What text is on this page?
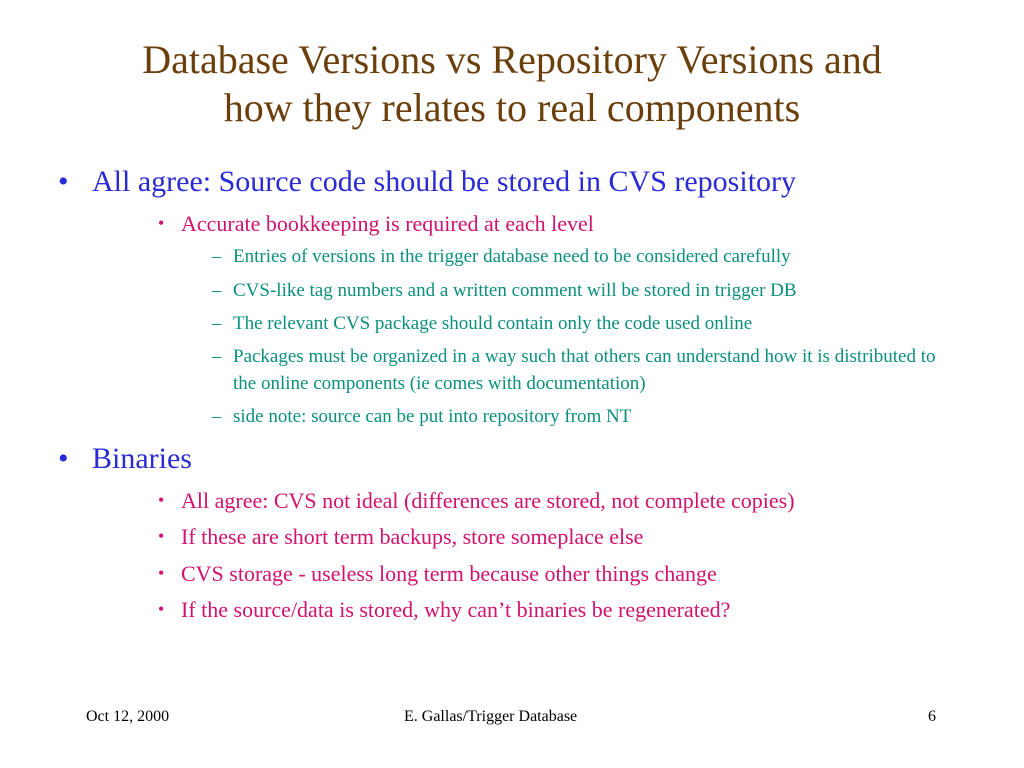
Database Versions vs Repository Versions and
how they relates to real components
• All agree: Source code should be stored in CVS repository
• Accurate bookkeeping is required at each level
– Entries of versions in the trigger database need to be considered carefully
– CVS-like tag numbers and a written comment will be stored in trigger DB
– The relevant CVS package should contain only the code used online
– Packages must be organized in a way such that others can understand how it is distributed to the online components (ie comes with documentation)
– side note: source can be put into repository from NT
• Binaries
• All agree: CVS not ideal (differences are stored, not complete copies)
• If these are short term backups, store someplace else
• CVS storage - useless long term because other things change
• If the source/data is stored, why can’t binaries be regenerated?
Oct 12, 2000	E. Gallas/Trigger Database	6
